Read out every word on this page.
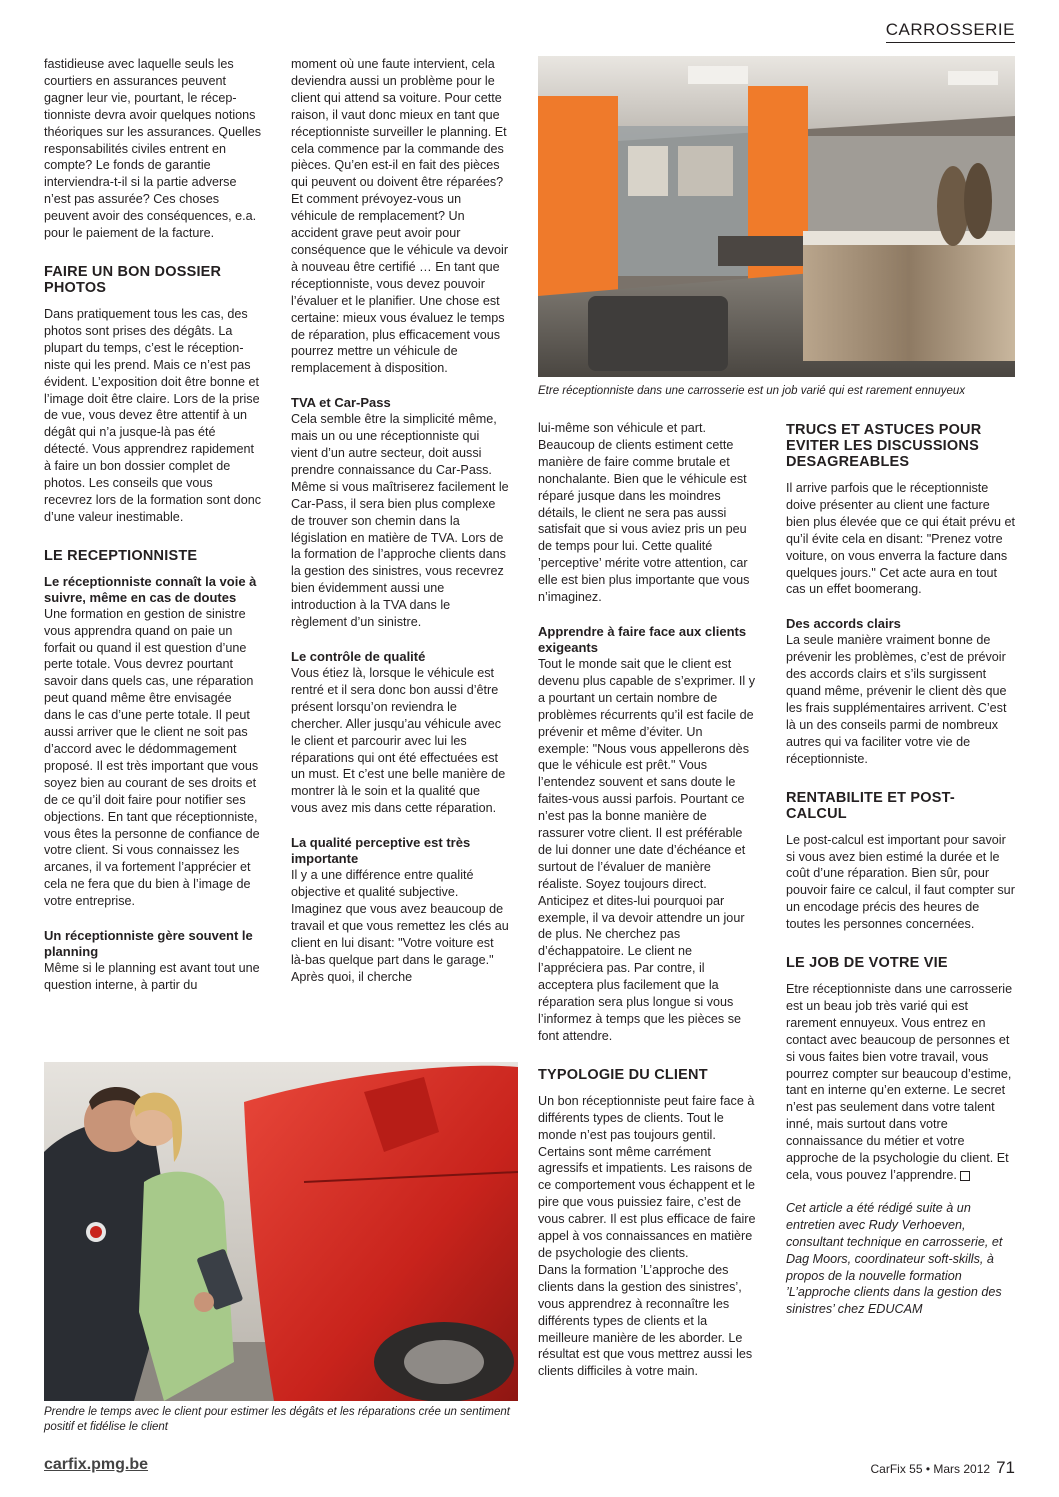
CARROSSERIE

fastidieuse avec laquelle seuls les courtiers en assurances peuvent gagner leur vie, pourtant, le réceptionniste devra avoir quelques notions théoriques sur les assurances. Quelles responsabilités civiles entrent en compte? Le fonds de garantie interviendra-t-il si la partie adverse n’est pas assurée? Ces choses peuvent avoir des conséquences, e.a. pour le paiement de la facture.

FAIRE UN BON DOSSIER PHOTOS

Dans pratiquement tous les cas, des photos sont prises des dégâts. La plupart du temps, c’est le réceptionniste qui les prend. Mais ce n’est pas évident. L’exposition doit être bonne et l’image doit être claire. Lors de la prise de vue, vous devez être attentif à un dégât qui n’a jusque-là pas été détecté. Vous apprendrez rapidement à faire un bon dossier complet de photos. Les conseils que vous recevrez lors de la formation sont donc d’une valeur inestimable.

LE RECEPTIONNISTE
Le réceptionniste connaît la voie à suivre, même en cas de doutes

Une formation en gestion de sinistre vous apprendra quand on paie un forfait ou quand il est question d’une perte totale. Vous devrez pourtant savoir dans quels cas, une réparation peut quand même être envisagée dans le cas d’une perte totale. Il peut aussi arriver que le client ne soit pas d’accord avec le dédommagement proposé. Il est très important que vous soyez bien au courant de ses droits et de ce qu’il doit faire pour notifier ses objections. En tant que réceptionniste, vous êtes la personne de confiance de votre client. Si vous connaissez les arcanes, il va fortement l’apprécier et cela ne fera que du bien à l’image de votre entreprise.

Un réceptionniste gère souvent le planning

Même si le planning est avant tout une question interne, à partir du

moment où une faute intervient, cela deviendra aussi un problème pour le client qui attend sa voiture. Pour cette raison, il vaut donc mieux en tant que réceptionniste surveiller le planning. Et cela commence par la commande des pièces. Qu’en est-il en fait des pièces qui peuvent ou doivent être réparées? Et comment prévoyez-vous un véhicule de remplacement? Un accident grave peut avoir pour conséquence que le véhicule va devoir à nouveau être certifié … En tant que réceptionniste, vous devez pouvoir l’évaluer et le planifier. Une chose est certaine: mieux vous évaluez le temps de réparation, plus efficacement vous pourrez mettre un véhicule de remplacement à disposition.

TVA et Car-Pass

Cela semble être la simplicité même, mais un ou une réceptionniste qui vient d’un autre secteur, doit aussi prendre connaissance du Car-Pass. Même si vous maîtriserez facilement le Car-Pass, il sera bien plus complexe de trouver son chemin dans la législation en matière de TVA. Lors de la formation de l’approche clients dans la gestion des sinistres, vous recevrez bien évidemment aussi une introduction à la TVA dans le règlement d’un sinistre.

Le contrôle de qualité

Vous étiez là, lorsque le véhicule est rentré et il sera donc bon aussi d’être présent lorsqu’on reviendra le chercher. Aller jusqu’au véhicule avec le client et parcourir avec lui les réparations qui ont été effectuées est un must. Et c’est une belle manière de montrer là le soin et la qualité que vous avez mis dans cette réparation.

La qualité perceptive est très importante

Il y a une différence entre qualité objective et qualité subjective. Imaginez que vous avez beaucoup de travail et que vous remettez les clés au client en lui disant: "Votre voiture est là-bas quelque part dans le garage." Après quoi, il cherche

Etre réceptionniste dans une carrosserie est un job varié qui est rarement ennuyeux

lui-même son véhicule et part. Beaucoup de clients estiment cette manière de faire comme brutale et nonchalante. Bien que le véhicule est réparé jusque dans les moindres détails, le client ne sera pas aussi satisfait que si vous aviez pris un peu de temps pour lui. Cette qualité ’perceptive’ mérite votre attention, car elle est bien plus importante que vous n’imaginez.

Apprendre à faire face aux clients exigeants

Tout le monde sait que le client est devenu plus capable de s’exprimer. Il y a pourtant un certain nombre de problèmes récurrents qu’il est facile de prévenir et même d’éviter. Un exemple: "Nous vous appellerons dès que le véhicule est prêt." Vous l’entendez souvent et sans doute le faites-vous aussi parfois. Pourtant ce n’est pas la bonne manière de rassurer votre client. Il est préférable de lui donner une date d’échéance et surtout de l’évaluer de manière réaliste. Soyez toujours direct. Anticipez et dites-lui pourquoi par exemple, il va devoir attendre un jour de plus. Ne cherchez pas d’échappatoire. Le client ne l’appréciera pas. Par contre, il acceptera plus facilement que la réparation sera plus longue si vous l’informez à temps que les pièces se font attendre.

TYPOLOGIE DU CLIENT

Un bon réceptionniste peut faire face à différents types de clients. Tout le monde n’est pas toujours gentil. Certains sont même carrément agressifs et impatients. Les raisons de ce comportement vous échappent et le pire que vous puissiez faire, c’est de vous cabrer. Il est plus efficace de faire appel à vos connaissances en matière de psychologie des clients.

Dans la formation ’L’approche des clients dans la gestion des sinistres’, vous apprendrez à reconnaître les différents types de clients et la meilleure manière de les aborder. Le résultat est que vous mettrez aussi les clients difficiles à votre main.

TRUCS ET ASTUCES POUR EVITER LES DISCUSSIONS DESAGREABLES

Il arrive parfois que le réceptionniste doive présenter au client une facture bien plus élevée que ce qui était prévu et qu’il évite cela en disant: "Prenez votre voiture, on vous enverra la facture dans quelques jours." Cet acte aura en tout cas un effet boomerang.

Des accords clairs

La seule manière vraiment bonne de prévenir les problèmes, c’est de prévoir des accords clairs et s’ils surgissent quand même, prévenir le client dès que les frais supplémentaires arrivent. C’est là un des conseils parmi de nombreux autres qui va faciliter votre vie de réceptionniste.

RENTABILITE ET POST-CALCUL

Le post-calcul est important pour savoir si vous avez bien estimé la durée et le coût d’une réparation. Bien sûr, pour pouvoir faire ce calcul, il faut compter sur un encodage précis des heures de toutes les personnes concernées.

LE JOB DE VOTRE VIE

Etre réceptionniste dans une carrosserie est un beau job très varié qui est rarement ennuyeux. Vous entrez en contact avec beaucoup de personnes et si vous faites bien votre travail, vous pourrez compter sur beaucoup d’estime, tant en interne qu’en externe. Le secret n’est pas seulement dans votre talent inné, mais surtout dans votre connaissance du métier et votre approche de la psychologie du client. Et cela, vous pouvez l’apprendre.

Cet article a été rédigé suite à un entretien avec Rudy Verhoeven, consultant technique en carrosserie, et Dag Moors, coordinateur soft-skills, à propos de la nouvelle formation ’L’approche clients dans la gestion des sinistres’ chez EDUCAM

Prendre le temps avec le client pour estimer les dégâts et les réparations crée un sentiment positif et fidélise le client
carfix.pmg.be	CarFix 55 • Mars 2012 71
